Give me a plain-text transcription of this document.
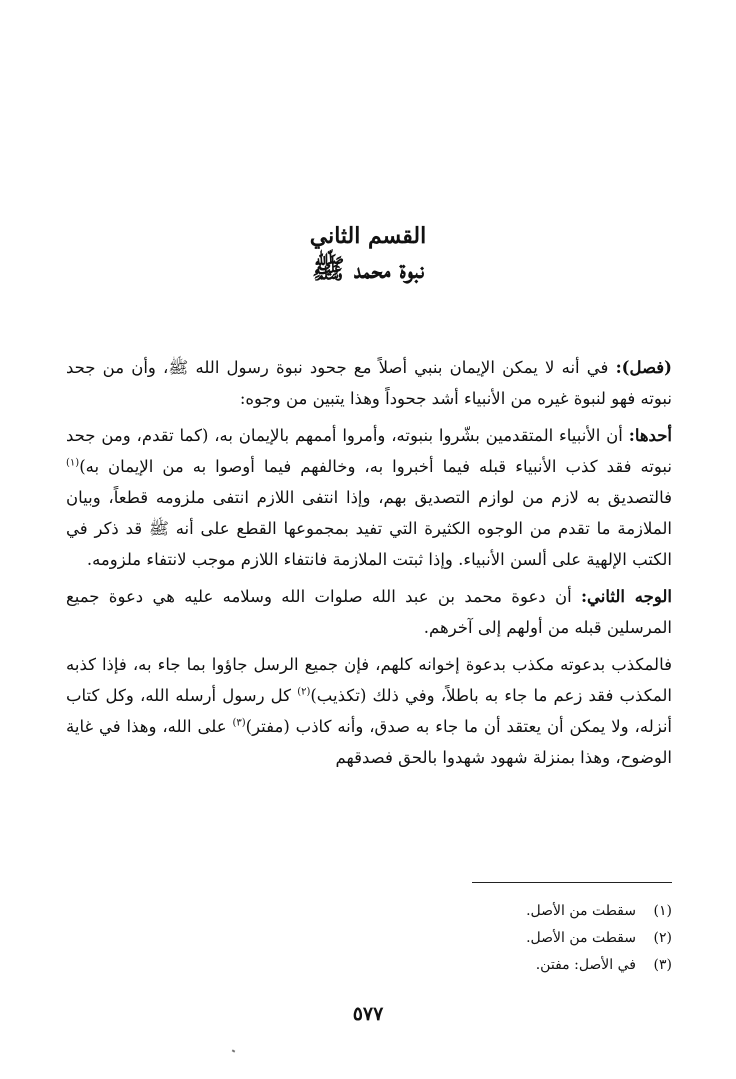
القسم الثاني
نبوة محمد ﷺ

(فصل): في أنه لا يمكن الإيمان بنبي أصلاً مع جحود نبوة رسول الله ﷺ، وأن من جحد نبوته فهو لنبوة غيره من الأنبياء أشد جحوداً وهذا يتبين من وجوه:

أحدها: أن الأنبياء المتقدمين بشّروا بنبوته، وأمروا أممهم بالإيمان به، (كما تقدم، ومن جحد نبوته فقد كذب الأنبياء قبله فيما أخبروا به، وخالفهم فيما أوصوا به من الإيمان به)$^{(١)}$ فالتصديق به لازم من لوازم التصديق بهم، وإذا انتفى اللازم انتفى ملزومه قطعاً، وبيان الملازمة ما تقدم من الوجوه الكثيرة التي تفيد بمجموعها القطع على أنه ﷺ قد ذكر في الكتب الإلهية على ألسن الأنبياء. وإذا ثبتت الملازمة فانتفاء اللازم موجب لانتفاء ملزومه.

الوجه الثاني: أن دعوة محمد بن عبد الله صلوات الله وسلامه عليه هي دعوة جميع المرسلين قبله من أولهم إلى آخرهم.

فالمكذب بدعوته مكذب بدعوة إخوانه كلهم، فإن جميع الرسل جاؤوا بما جاء به، فإذا كذبه المكذب فقد زعم ما جاء به باطلاً، وفي ذلك (تكذيب)$^{(٢)}$ كل رسول أرسله الله، وكل كتاب أنزله، ولا يمكن أن يعتقد أن ما جاء به صدق، وأنه كاذب (مفتر)$^{(٣)}$ على الله، وهذا في غاية الوضوح، وهذا بمنزلة شهود شهدوا بالحق فصدقهم

(١)سقطت من الأصل.
(٢)سقطت من الأصل.
(٣)في الأصل: مفتن.
٥٧٧
